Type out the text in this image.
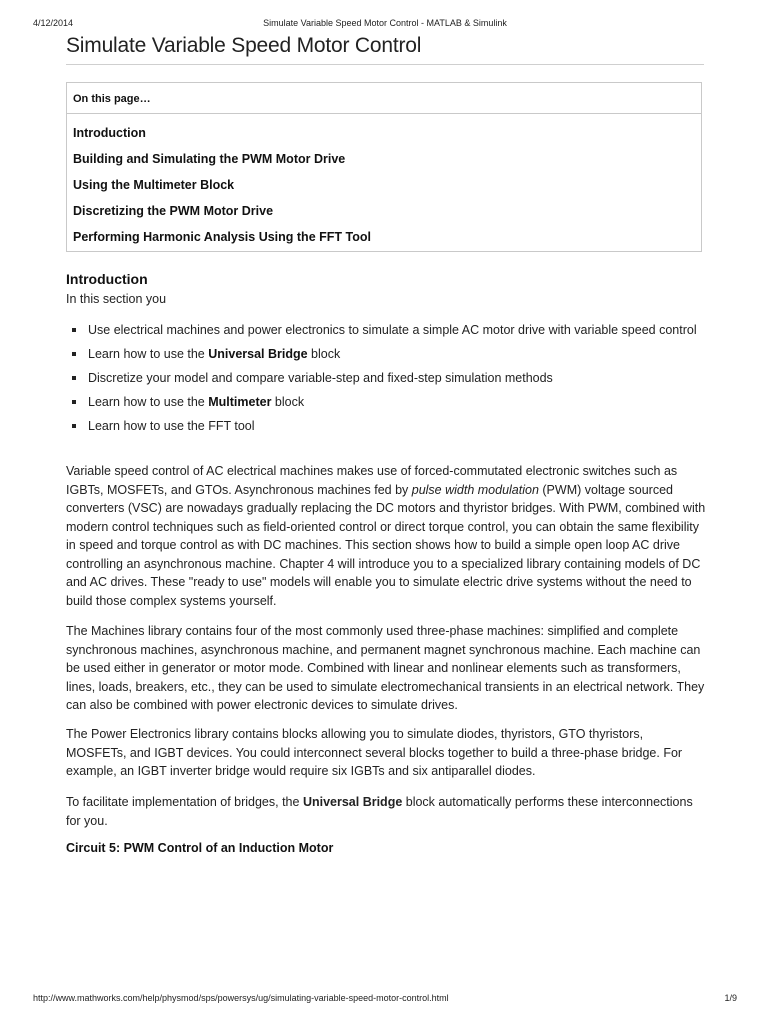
4/12/2014	Simulate Variable Speed Motor Control - MATLAB & Simulink
Simulate Variable Speed Motor Control
On this page…
Introduction
Building and Simulating the PWM Motor Drive
Using the Multimeter Block
Discretizing the PWM Motor Drive
Performing Harmonic Analysis Using the FFT Tool
Introduction

In this section you

Use electrical machines and power electronics to simulate a simple AC motor drive with variable speed control
Learn how to use the Universal Bridge block
Discretize your model and compare variable-step and fixed-step simulation methods
Learn how to use the Multimeter block
Learn how to use the FFT tool

Variable speed control of AC electrical machines makes use of forced-commutated electronic switches such as IGBTs, MOSFETs, and GTOs. Asynchronous machines fed by pulse width modulation (PWM) voltage sourced converters (VSC) are nowadays gradually replacing the DC motors and thyristor bridges. With PWM, combined with modern control techniques such as field-oriented control or direct torque control, you can obtain the same flexibility in speed and torque control as with DC machines. This section shows how to build a simple open loop AC drive controlling an asynchronous machine. Chapter 4 will introduce you to a specialized library containing models of DC and AC drives. These "ready to use" models will enable you to simulate electric drive systems without the need to build those complex systems yourself.

The Machines library contains four of the most commonly used three-phase machines: simplified and complete synchronous machines, asynchronous machine, and permanent magnet synchronous machine. Each machine can be used either in generator or motor mode. Combined with linear and nonlinear elements such as transformers, lines, loads, breakers, etc., they can be used to simulate electromechanical transients in an electrical network. They can also be combined with power electronic devices to simulate drives.

The Power Electronics library contains blocks allowing you to simulate diodes, thyristors, GTO thyristors, MOSFETs, and IGBT devices. You could interconnect several blocks together to build a three-phase bridge. For example, an IGBT inverter bridge would require six IGBTs and six antiparallel diodes.

To facilitate implementation of bridges, the Universal Bridge block automatically performs these interconnections for you.

Circuit 5: PWM Control of an Induction Motor

http://www.mathworks.com/help/physmod/sps/powersys/ug/simulating-variable-speed-motor-control.html	1/9
